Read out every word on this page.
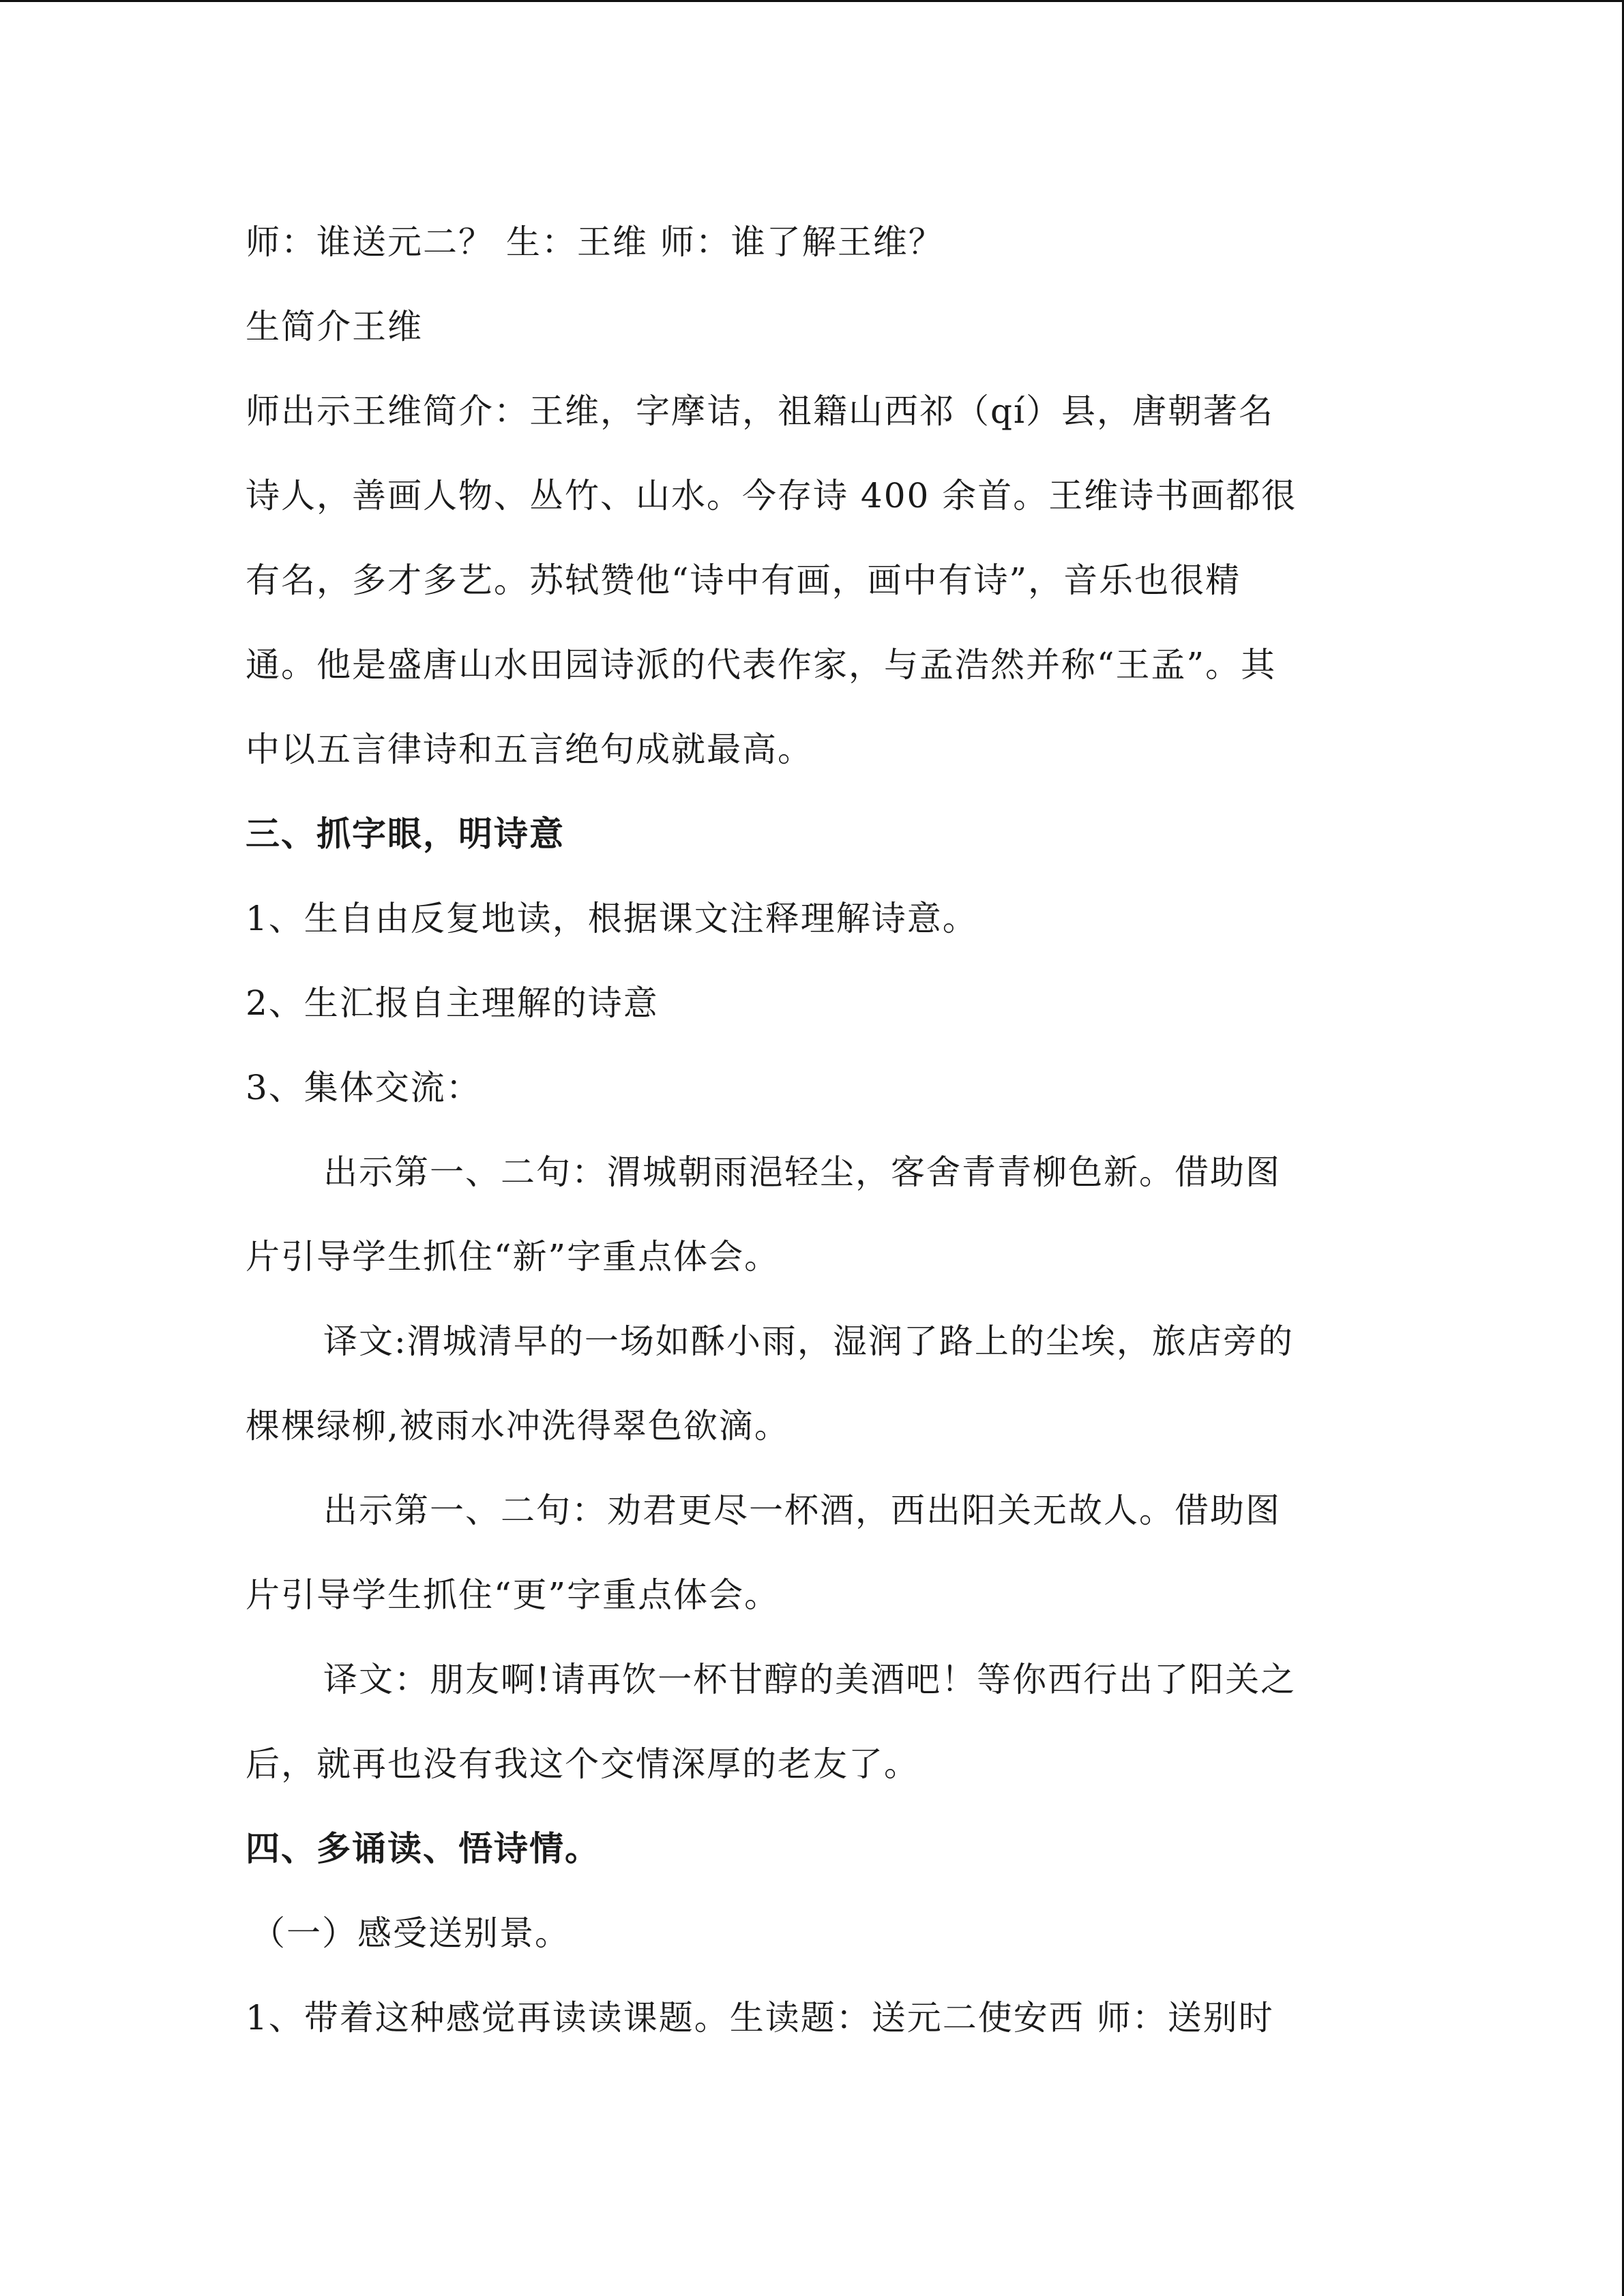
师：谁送元二？ 生：王维 师：谁了解王维？
生简介王维
师出示王维简介：王维，字摩诘，祖籍山西祁（qí）县，唐朝著名
诗人，善画人物、丛竹、山水。今存诗 400 余首。王维诗书画都很
有名，多才多艺。苏轼赞他“诗中有画，画中有诗”，音乐也很精
通。他是盛唐山水田园诗派的代表作家，与孟浩然并称“王孟”。其
中以五言律诗和五言绝句成就最高。
三、抓字眼，明诗意
1、生自由反复地读，根据课文注释理解诗意。
2、生汇报自主理解的诗意
3、集体交流：
出示第一、二句：渭城朝雨浥轻尘，客舍青青柳色新。借助图
片引导学生抓住“新”字重点体会。
译文:渭城清早的一场如酥小雨，湿润了路上的尘埃，旅店旁的
棵棵绿柳,被雨水冲洗得翠色欲滴。
出示第一、二句：劝君更尽一杯酒，西出阳关无故人。借助图
片引导学生抓住“更”字重点体会。
译文：朋友啊!请再饮一杯甘醇的美酒吧！等你西行出了阳关之
后，就再也没有我这个交情深厚的老友了。
四、多诵读、悟诗情。
（一）感受送别景。
1、带着这种感觉再读读课题。生读题：送元二使安西 师：送别时
